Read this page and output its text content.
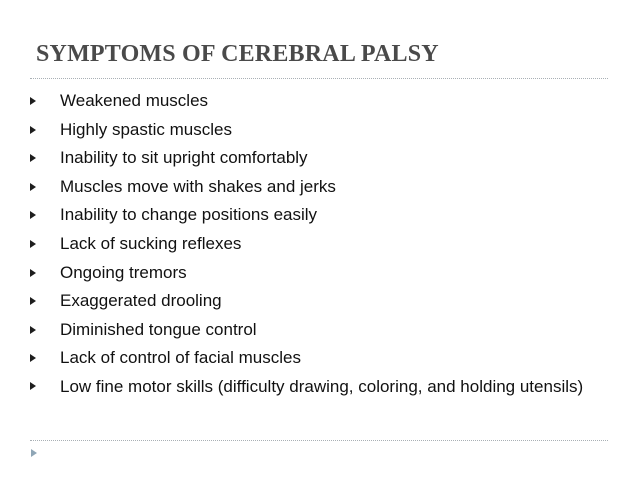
SYMPTOMS OF CEREBRAL PALSY
Weakened muscles
Highly spastic muscles
Inability to sit upright comfortably
Muscles move with shakes and jerks
Inability to change positions easily
Lack of sucking reflexes
Ongoing tremors
Exaggerated drooling
Diminished tongue control
Lack of control of facial muscles
Low fine motor skills (difficulty drawing, coloring, and holding utensils)
